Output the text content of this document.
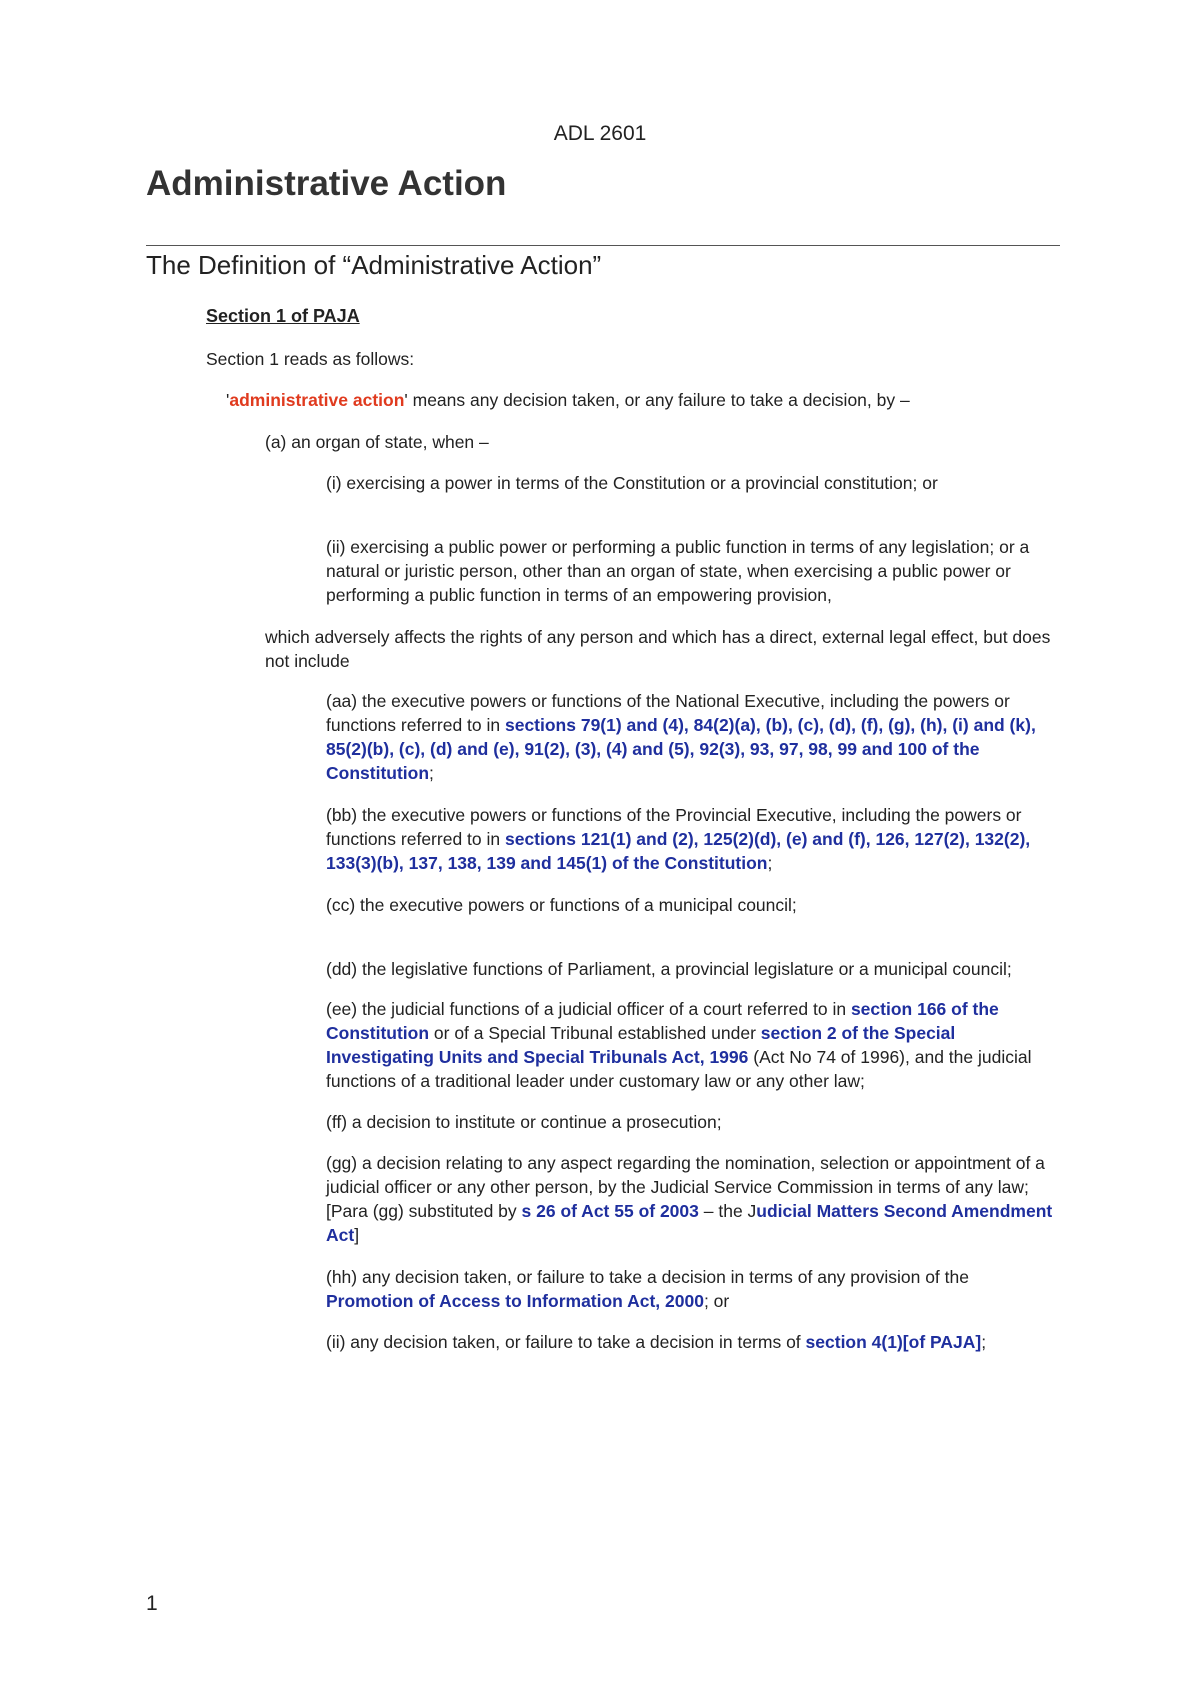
ADL 2601
Administrative Action
The Definition of “Administrative Action”
Section 1 of PAJA

Section 1 reads as follows:

'administrative action' means any decision taken, or any failure to take a decision, by –

(a) an organ of state, when –

(i) exercising a power in terms of the Constitution or a provincial constitution; or

(ii) exercising a public power or performing a public function in terms of any legislation; or a natural or juristic person, other than an organ of state, when exercising a public power or performing a public function in terms of an empowering provision,

which adversely affects the rights of any person and which has a direct, external legal effect, but does not include

(aa) the executive powers or functions of the National Executive, including the powers or functions referred to in sections 79(1) and (4), 84(2)(a), (b), (c), (d), (f), (g), (h), (i) and (k), 85(2)(b), (c), (d) and (e), 91(2), (3), (4) and (5), 92(3), 93, 97, 98, 99 and 100 of the Constitution;

(bb) the executive powers or functions of the Provincial Executive, including the powers or functions referred to in sections 121(1) and (2), 125(2)(d), (e) and (f), 126, 127(2), 132(2), 133(3)(b), 137, 138, 139 and 145(1) of the Constitution;

(cc) the executive powers or functions of a municipal council;

(dd) the legislative functions of Parliament, a provincial legislature or a municipal council;

(ee) the judicial functions of a judicial officer of a court referred to in section 166 of the Constitution or of a Special Tribunal established under section 2 of the Special Investigating Units and Special Tribunals Act, 1996 (Act No 74 of 1996), and the judicial functions of a traditional leader under customary law or any other law;

(ff) a decision to institute or continue a prosecution;

(gg) a decision relating to any aspect regarding the nomination, selection or appointment of a judicial officer or any other person, by the Judicial Service Commission in terms of any law; [Para (gg) substituted by s 26 of Act 55 of 2003 – the Judicial Matters Second Amendment Act]

(hh) any decision taken, or failure to take a decision in terms of any provision of the Promotion of Access to Information Act, 2000; or

(ii) any decision taken, or failure to take a decision in terms of section 4(1)[of PAJA];

1
